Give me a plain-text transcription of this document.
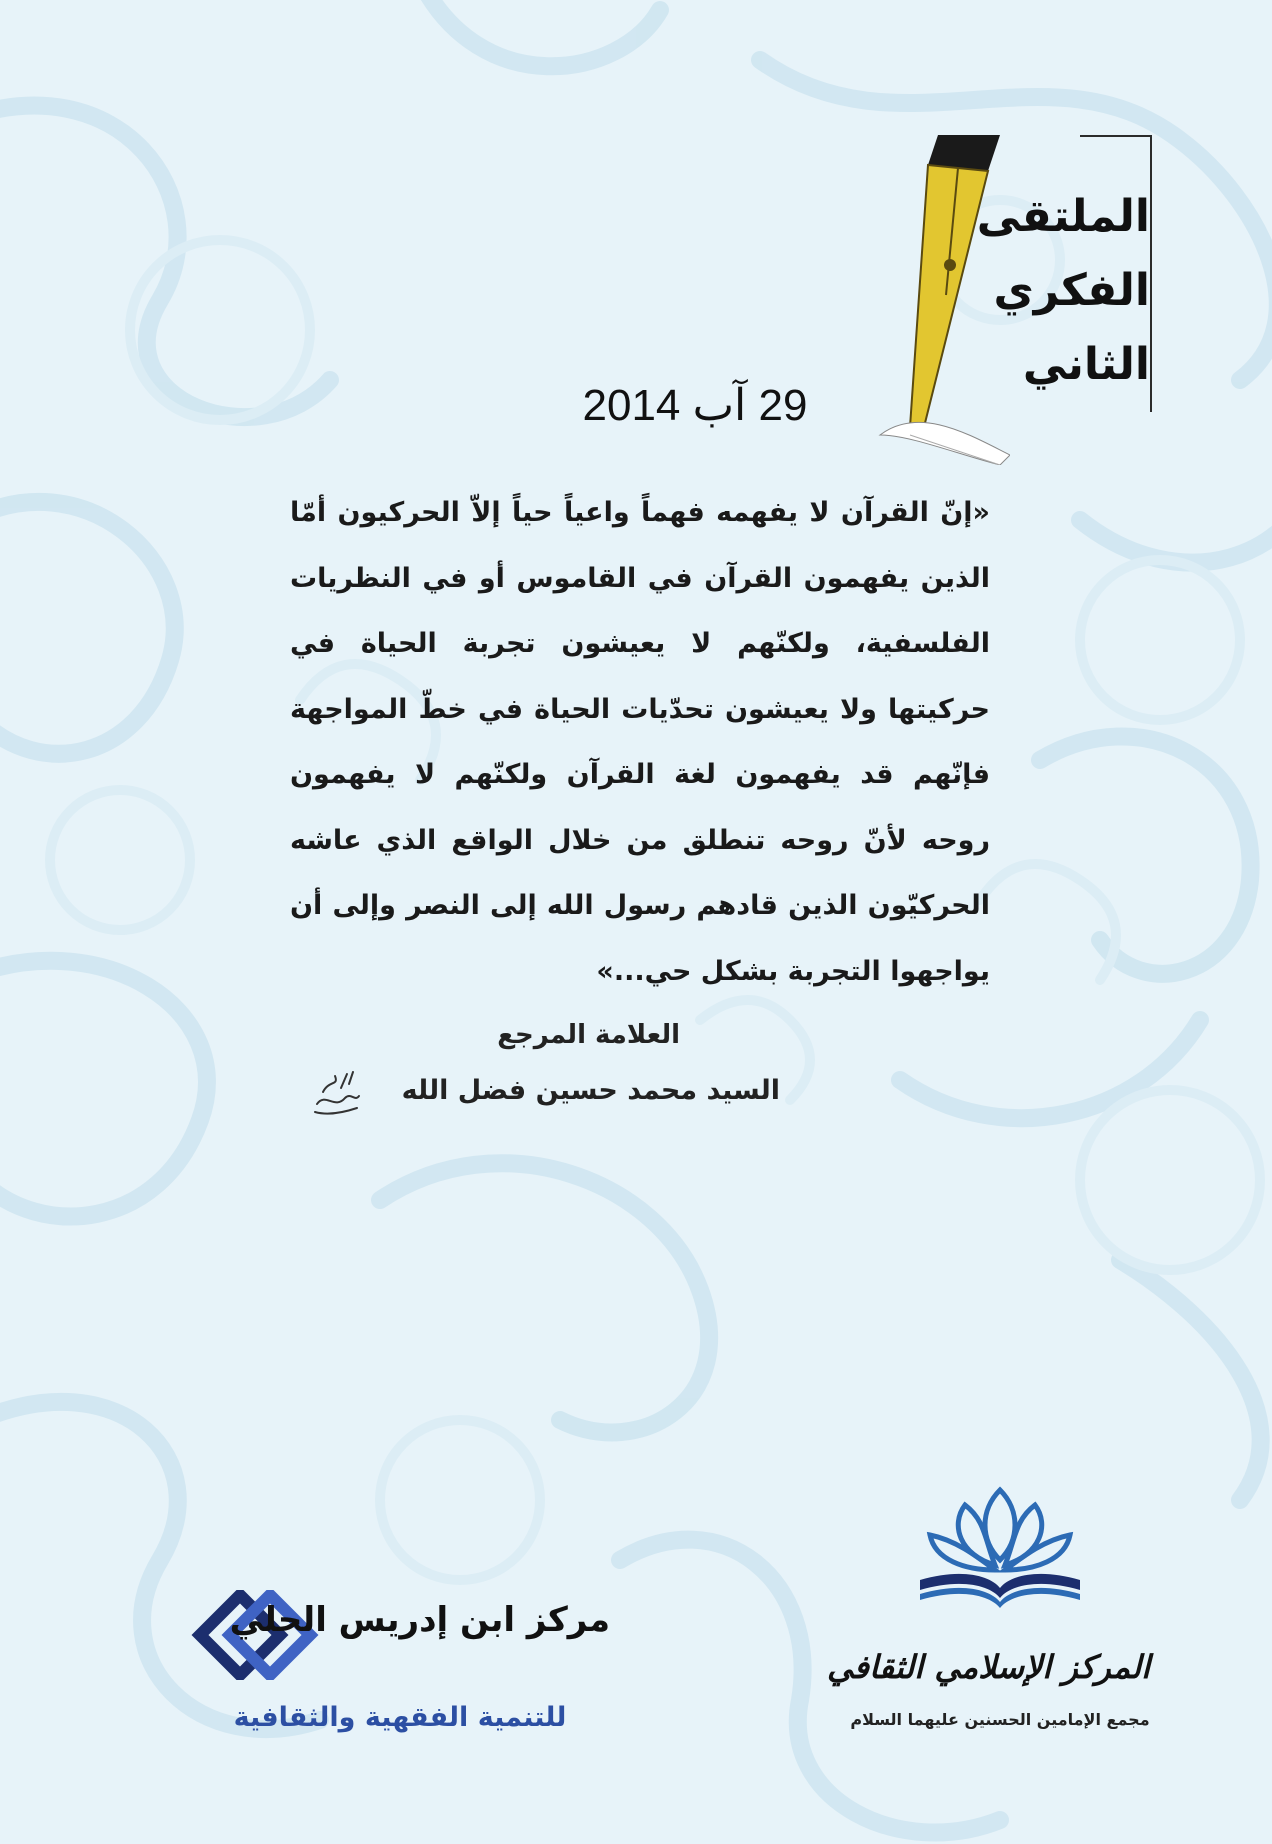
الملتقى
الفكري
الثاني
29 آب 2014
«إنّ القرآن لا يفهمه فهماً واعياً حياً إلاّ الحركيون أمّا الذين يفهمون القرآن في القاموس أو في النظريات الفلسفية، ولكنّهم لا يعيشون تجربة الحياة في حركيتها ولا يعيشون تحدّيات الحياة في خطّ المواجهة فإنّهم قد يفهمون لغة القرآن ولكنّهم لا يفهمون روحه لأنّ روحه تنطلق من خلال الواقع الذي عاشه الحركيّون الذين قادهم رسول الله إلى النصر وإلى أن يواجهوا التجربة بشكل حي...»
العلامة المرجع
السيد محمد حسين فضل الله
مركز ابن إدريس الحلي
للتنمية الفقهية والثقافية
المركز الإسلامي الثقافي
مجمع الإمامين الحسنين عليهما السلام
